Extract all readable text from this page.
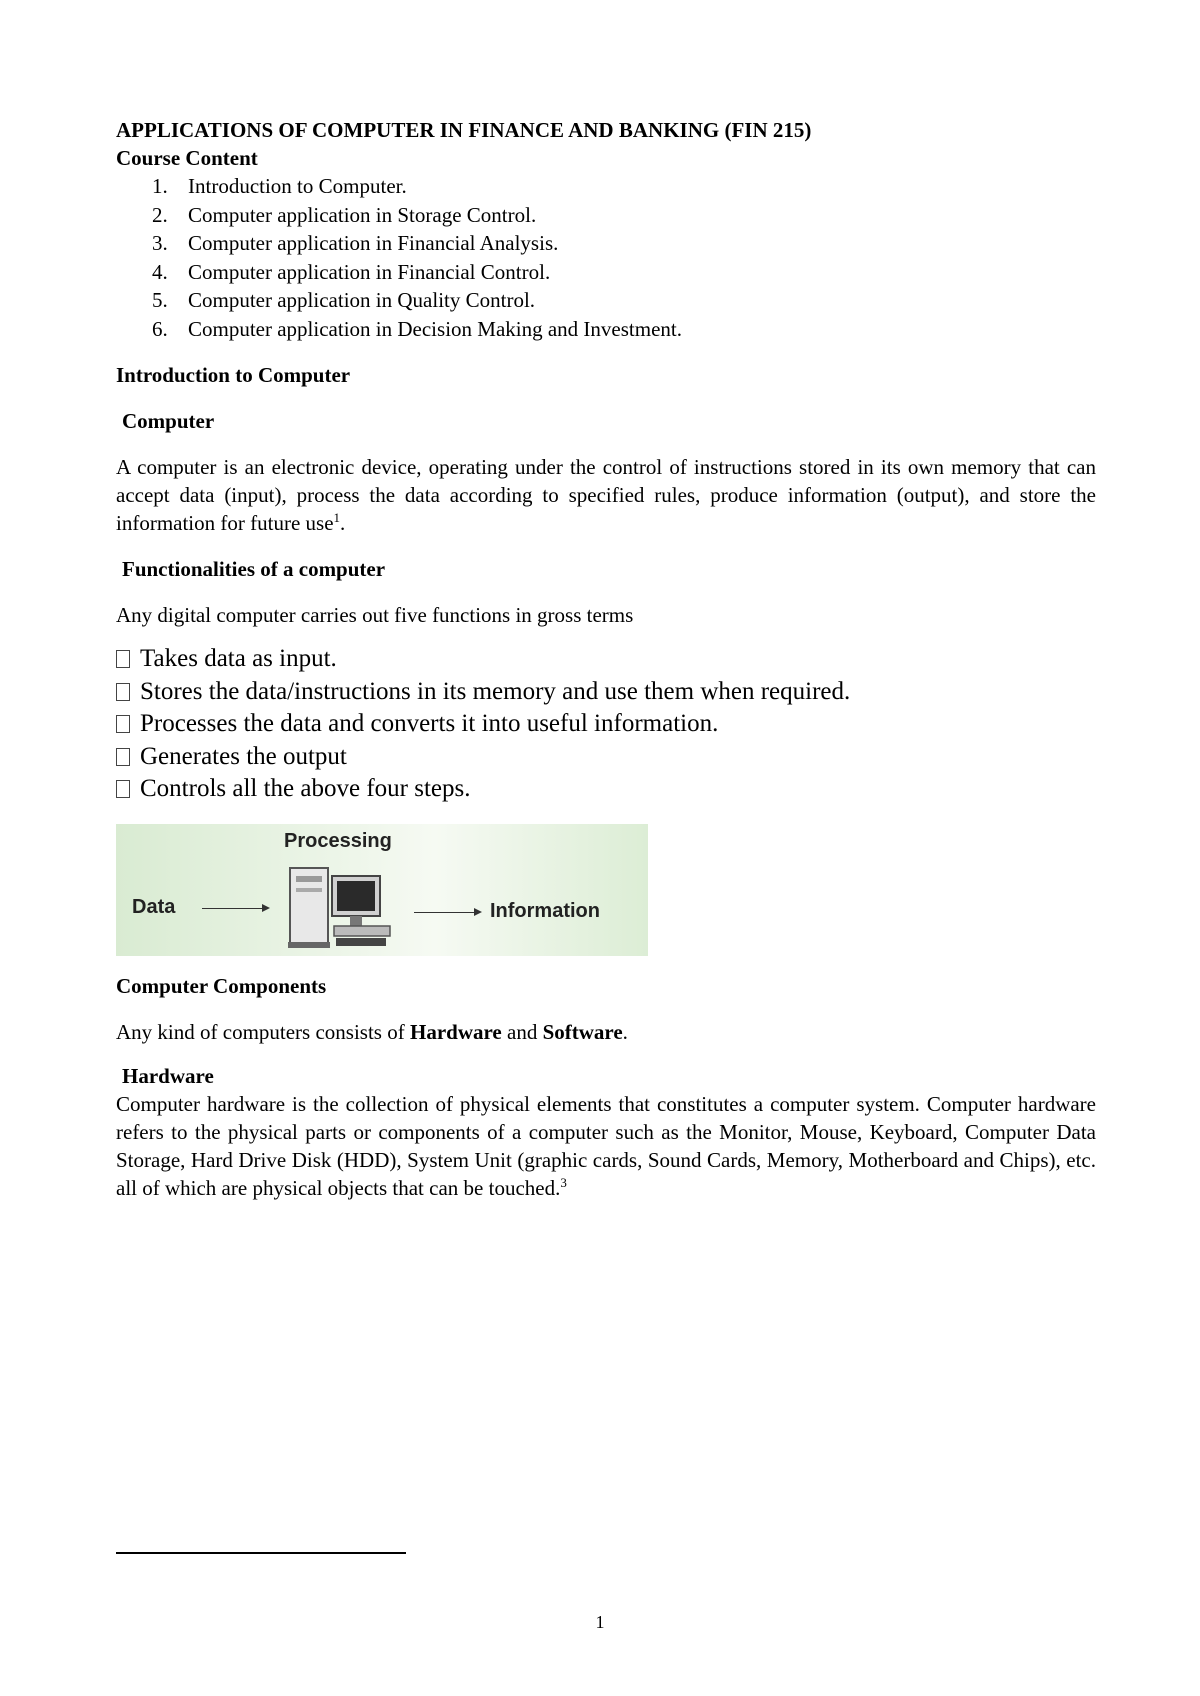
APPLICATIONS OF COMPUTER IN FINANCE AND BANKING (FIN 215)

Course Content

1. Introduction to Computer.
2. Computer application in Storage Control.
3. Computer application in Financial Analysis.
4. Computer application in Financial Control.
5. Computer application in Quality Control.
6. Computer application in Decision Making and Investment.

Introduction to Computer

Computer

A computer is an electronic device, operating under the control of instructions stored in its own memory that can accept data (input), process the data according to specified rules, produce information (output), and store the information for future use$^1$.

Functionalities of a computer

Any digital computer carries out five functions in gross terms

Takes data as input.
Stores the data/instructions in its memory and use them when required.
Processes the data and converts it into useful information.
Generates the output
Controls all the above four steps.
Processing
Data	Information

Computer Components

Any kind of computers consists of Hardware and Software.

Hardware

Computer hardware is the collection of physical elements that constitutes a computer system. Computer hardware refers to the physical parts or components of a computer such as the Monitor, Mouse, Keyboard, Computer Data Storage, Hard Drive Disk (HDD), System Unit (graphic cards, Sound Cards, Memory, Motherboard and Chips), etc. all of which are physical objects that can be touched.$^3$

1
